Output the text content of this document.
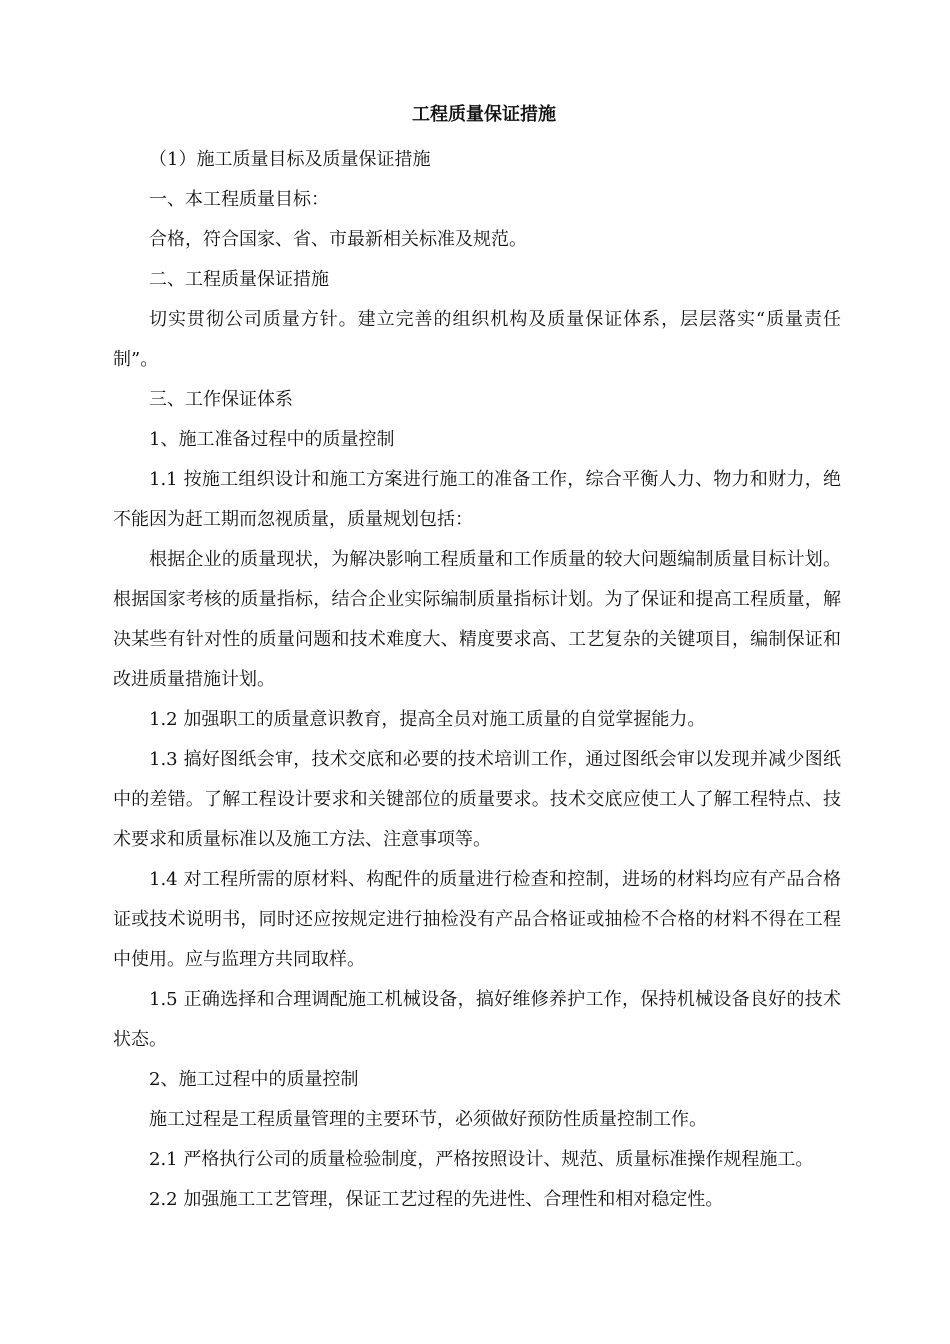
工程质量保证措施

（1）施工质量目标及质量保证措施

一、本工程质量目标：

合格，符合国家、省、市最新相关标准及规范。

二、工程质量保证措施

切实贯彻公司质量方针。建立完善的组织机构及质量保证体系，层层落实“质量责任制”。

三、工作保证体系

1、施工准备过程中的质量控制

1.1 按施工组织设计和施工方案进行施工的准备工作，综合平衡人力、物力和财力，绝不能因为赶工期而忽视质量，质量规划包括：

根据企业的质量现状，为解决影响工程质量和工作质量的较大问题编制质量目标计划。根据国家考核的质量指标，结合企业实际编制质量指标计划。为了保证和提高工程质量，解决某些有针对性的质量问题和技术难度大、精度要求高、工艺复杂的关键项目，编制保证和改进质量措施计划。

1.2 加强职工的质量意识教育，提高全员对施工质量的自觉掌握能力。

1.3 搞好图纸会审，技术交底和必要的技术培训工作，通过图纸会审以发现并减少图纸中的差错。了解工程设计要求和关键部位的质量要求。技术交底应使工人了解工程特点、技术要求和质量标准以及施工方法、注意事项等。

1.4 对工程所需的原材料、构配件的质量进行检查和控制，进场的材料均应有产品合格证或技术说明书，同时还应按规定进行抽检没有产品合格证或抽检不合格的材料不得在工程中使用。应与监理方共同取样。

1.5 正确选择和合理调配施工机械设备，搞好维修养护工作，保持机械设备良好的技术状态。

2、施工过程中的质量控制

施工过程是工程质量管理的主要环节，必须做好预防性质量控制工作。

2.1 严格执行公司的质量检验制度，严格按照设计、规范、质量标准操作规程施工。

2.2 加强施工工艺管理，保证工艺过程的先进性、合理性和相对稳定性。
